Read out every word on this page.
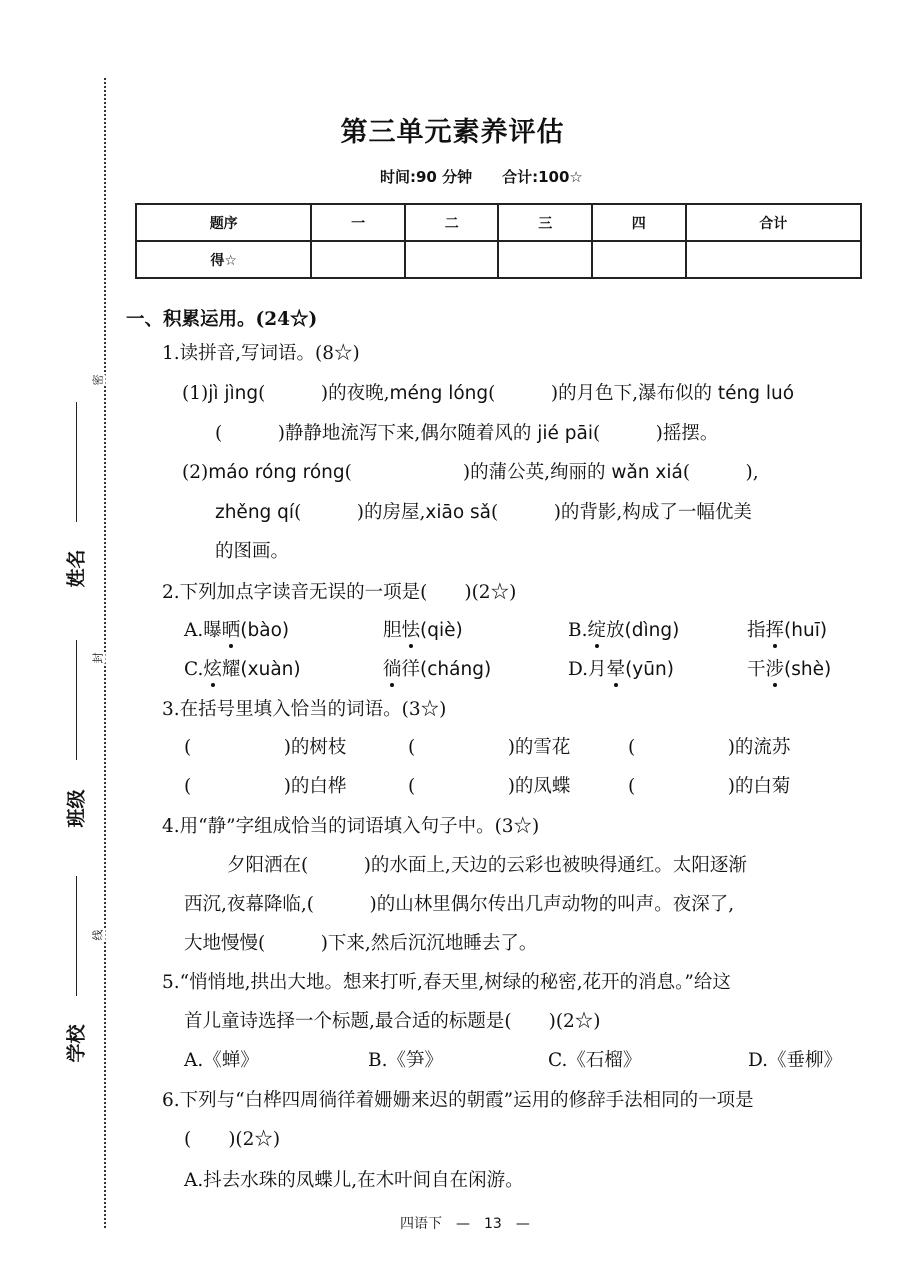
密
封
线
姓名
班级
学校
第三单元素养评估
时间:90 分钟　　合计:100☆
题序	一	二	三	四	合计
得☆					
一、积累运用。(24☆)
1.读拼音,写词语。(8☆)
(1)jì jìng(　　　)的夜晚,méng lóng(　　　)的月色下,瀑布似的 téng luó
(　　　)静静地流泻下来,偶尔随着风的 jié pāi(　　　)摇摆。
(2)máo róng róng(　　　　　　)的蒲公英,绚丽的 wǎn xiá(　　　),
zhěng qí(　　　)的房屋,xiāo sǎ(　　　)的背影,构成了一幅优美
的图画。
2.下列加点字读音无误的一项是(　　)(2☆)
A.曝晒(bào)	胆怯(qiè)	B.绽放(dìng)	指挥(huī)
C.炫耀(xuàn)	徜徉(cháng)	D.月晕(yūn)	干涉(shè)
3.在括号里填入恰当的词语。(3☆)
(　　　　　)的树枝	(　　　　　)的雪花	(　　　　　)的流苏
(　　　　　)的白桦	(　　　　　)的凤蝶	(　　　　　)的白菊
4.用“静”字组成恰当的词语填入句子中。(3☆)
夕阳洒在(　　　)的水面上,天边的云彩也被映得通红。太阳逐渐
西沉,夜幕降临,(　　　)的山林里偶尔传出几声动物的叫声。夜深了,
大地慢慢(　　　)下来,然后沉沉地睡去了。
5.“悄悄地,拱出大地。想来打听,春天里,树绿的秘密,花开的消息。”给这
首儿童诗选择一个标题,最合适的标题是(　　)(2☆)
A.《蝉》	B.《笋》	C.《石榴》	D.《垂柳》
6.下列与“白桦四周徜徉着姗姗来迟的朝霞”运用的修辞手法相同的一项是
(　　)(2☆)
A.抖去水珠的凤蝶儿,在木叶间自在闲游。
四语下　—　13　—
